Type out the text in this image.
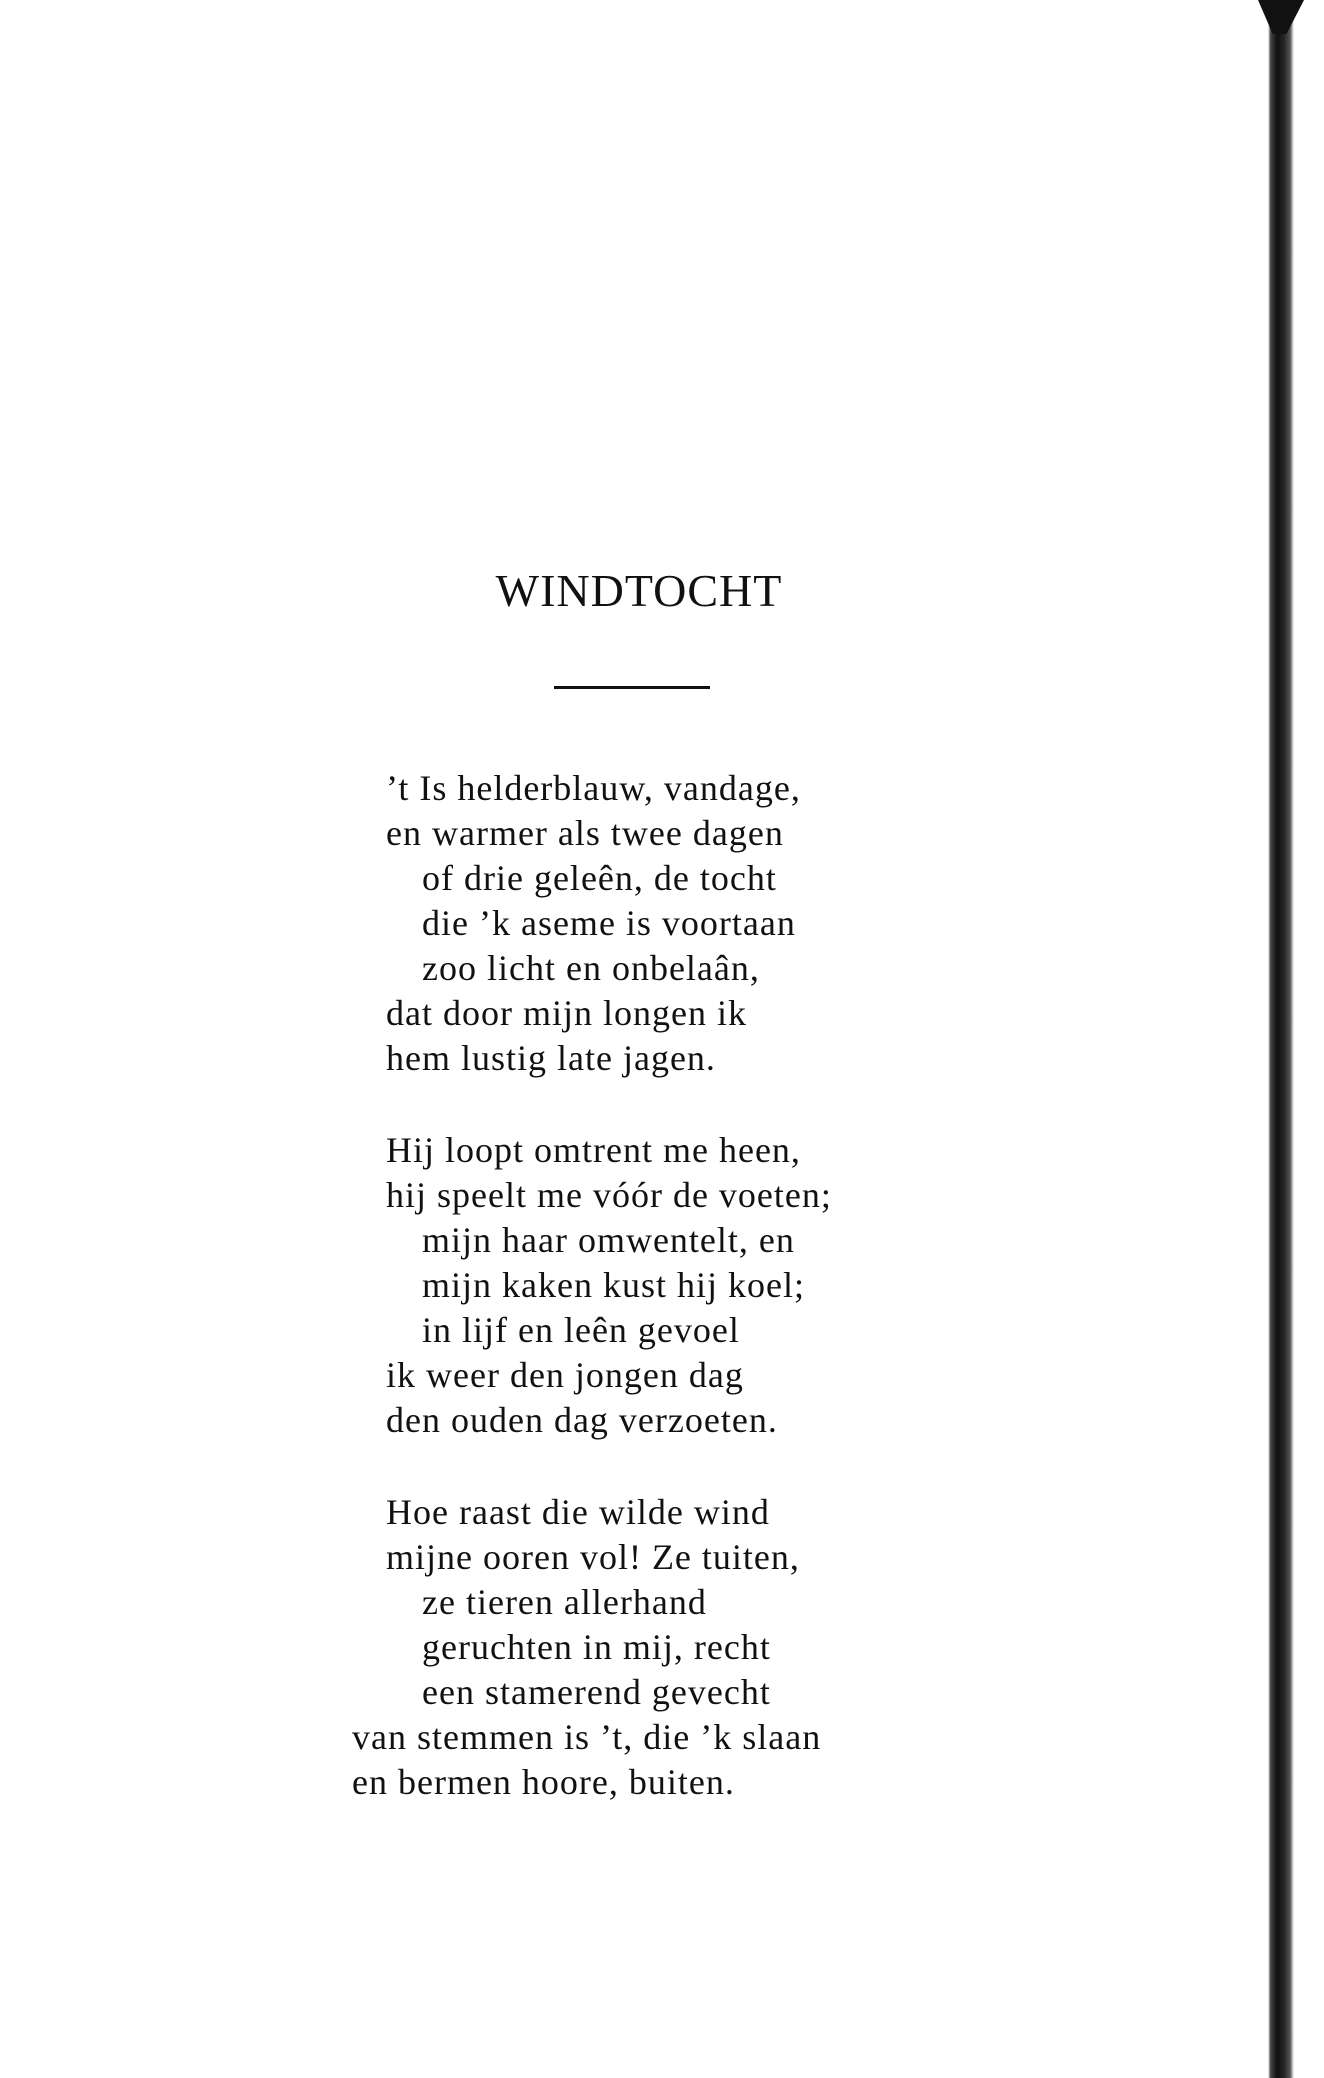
WINDTOCHT
’t Is helderblauw, vandage,
en warmer als twee dagen
of drie geleên, de tocht
die ’k aseme is voortaan
zoo licht en onbelaân,
dat door mijn longen ik
hem lustig late jagen.
Hij loopt omtrent me heen,
hij speelt me vóór de voeten;
mijn haar omwentelt, en
mijn kaken kust hij koel;
in lijf en leên gevoel
ik weer den jongen dag
den ouden dag verzoeten.
Hoe raast die wilde wind
mijne ooren vol! Ze tuiten,
ze tieren allerhand
geruchten in mij, recht
een stamerend gevecht
van stemmen is ’t, die ’k slaan
en bermen hoore, buiten.
